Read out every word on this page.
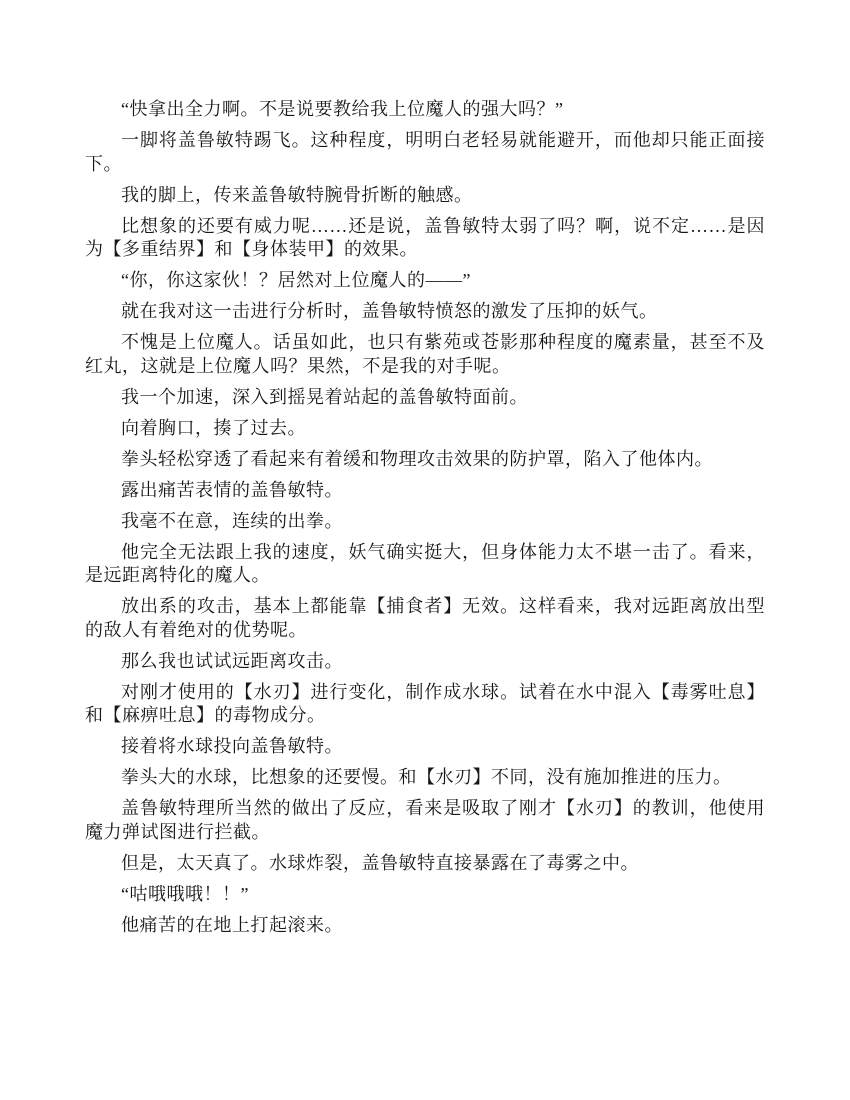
“快拿出全力啊。不是说要教给我上位魔人的强大吗？”

一脚将盖鲁敏特踢飞。这种程度，明明白老轻易就能避开，而他却只能正面接下。

我的脚上，传来盖鲁敏特腕骨折断的触感。

比想象的还要有威力呢……还是说，盖鲁敏特太弱了吗？啊，说不定……是因为【多重结界】和【身体装甲】的效果。

“你，你这家伙！？居然对上位魔人的——”

就在我对这一击进行分析时，盖鲁敏特愤怒的激发了压抑的妖气。

不愧是上位魔人。话虽如此，也只有紫苑或苍影那种程度的魔素量，甚至不及红丸，这就是上位魔人吗？果然，不是我的对手呢。

我一个加速，深入到摇晃着站起的盖鲁敏特面前。

向着胸口，揍了过去。

拳头轻松穿透了看起来有着缓和物理攻击效果的防护罩，陷入了他体内。

露出痛苦表情的盖鲁敏特。

我毫不在意，连续的出拳。

他完全无法跟上我的速度，妖气确实挺大，但身体能力太不堪一击了。看来，是远距离特化的魔人。

放出系的攻击，基本上都能靠【捕食者】无效。这样看来，我对远距离放出型的敌人有着绝对的优势呢。

那么我也试试远距离攻击。

对刚才使用的【水刃】进行变化，制作成水球。试着在水中混入【毒雾吐息】和【麻痹吐息】的毒物成分。

接着将水球投向盖鲁敏特。

拳头大的水球，比想象的还要慢。和【水刃】不同，没有施加推进的压力。

盖鲁敏特理所当然的做出了反应，看来是吸取了刚才【水刃】的教训，他使用魔力弹试图进行拦截。

但是，太天真了。水球炸裂，盖鲁敏特直接暴露在了毒雾之中。

“咕哦哦哦！！”

他痛苦的在地上打起滚来。
